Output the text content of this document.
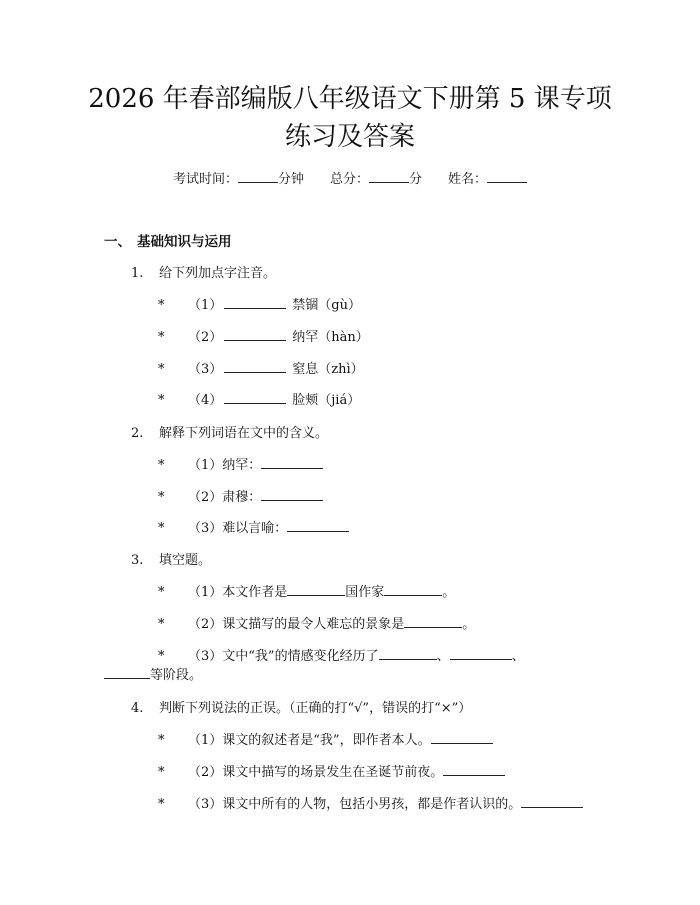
2026 年春部编版八年级语文下册第 5 课专项
练习及答案
考试时间：	分钟 总分：	分 姓名：
一、 基础知识与运用
1. 给下列加点字注音。
* （1）	禁锢（gù）
* （2）	纳罕（hàn）
* （3）	窒息（zhì）
* （4）	脸颊（jiá）
2. 解释下列词语在文中的含义。
* （1）纳罕：
* （2）肃穆：
* （3）难以言喻：
3. 填空题。
* （1）本文作者是	国作家	。
* （2）课文描写的最令人难忘的景象是	。
* （3）文中“我”的情感变化经历了	、	、
等阶段。
4. 判断下列说法的正误。（正确的打“√”，错误的打“×”）
* （1）课文的叙述者是“我”，即作者本人。
* （2）课文中描写的场景发生在圣诞节前夜。
* （3）课文中所有的人物，包括小男孩，都是作者认识的。
